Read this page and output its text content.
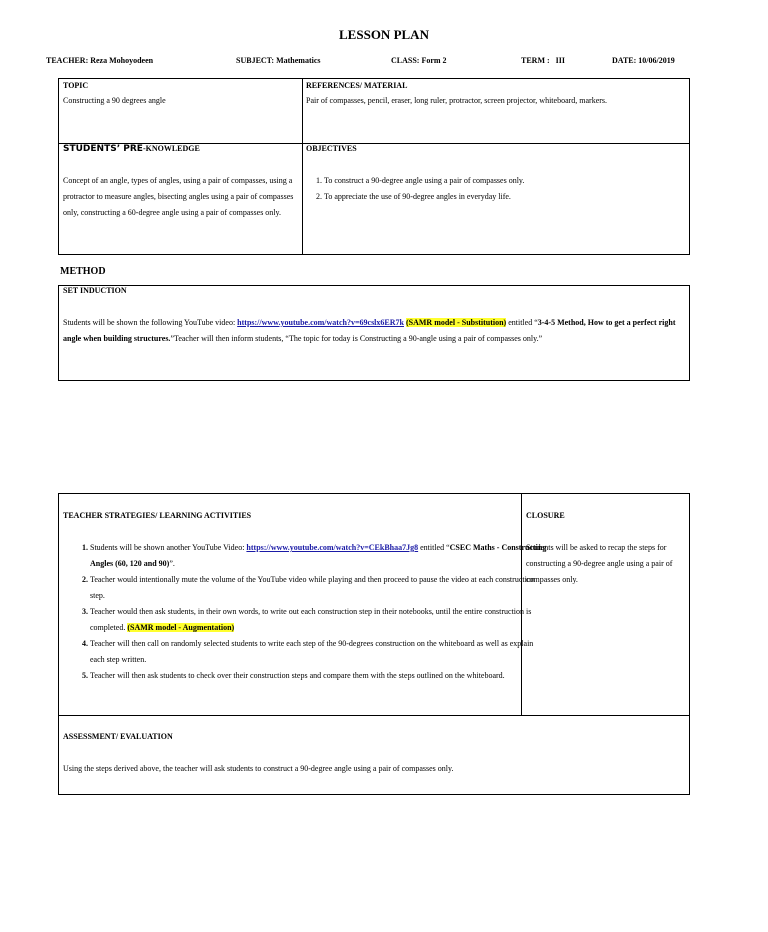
LESSON PLAN
TEACHER: Reza Mohoyodeen	SUBJECT: Mathematics	CLASS: Form 2	TERM :   III	DATE: 10/06/2019
TOPIC
Constructing a 90 degrees angle
REFERENCES/ MATERIAL
Pair of compasses, pencil, eraser, long ruler, protractor, screen projector, whiteboard, markers.
STUDENTS’ PRE-KNOWLEDGE
Concept of an angle, types of angles, using a pair of compasses, using a protractor to measure angles, bisecting angles using a pair of compasses only, constructing a 60-degree angle using a pair of compasses only.
OBJECTIVES
1. To construct a 90-degree angle using a pair of compasses only.
2. To appreciate the use of 90-degree angles in everyday life.
METHOD
SET INDUCTION
Students will be shown the following YouTube video: https://www.youtube.com/watch?v=69cslx6ER7k (SAMR model - Substitution) entitled “3-4-5 Method, How to get a perfect right angle when building structures.”Teacher will then inform students, “The topic for today is Constructing a 90-angle using a pair of compasses only.”
TEACHER STRATEGIES/ LEARNING ACTIVITIES
1. Students will be shown another YouTube Video: https://www.youtube.com/watch?v=CEkBhaa7Jg8 entitled “CSEC Maths - Constructing Angles (60, 120 and 90)”.
2. Teacher would intentionally mute the volume of the YouTube video while playing and then proceed to pause the video at each construction step.
3. Teacher would then ask students, in their own words, to write out each construction step in their notebooks, until the entire construction is completed. (SAMR model - Augmentation)
4. Teacher will then call on randomly selected students to write each step of the 90-degrees construction on the whiteboard as well as explain each step written.
5. Teacher will then ask students to check over their construction steps and compare them with the steps outlined on the whiteboard.
CLOSURE
Students will be asked to recap the steps for constructing a 90-degree angle using a pair of compasses only.
ASSESSMENT/ EVALUATION
Using the steps derived above, the teacher will ask students to construct a 90-degree angle using a pair of compasses only.
